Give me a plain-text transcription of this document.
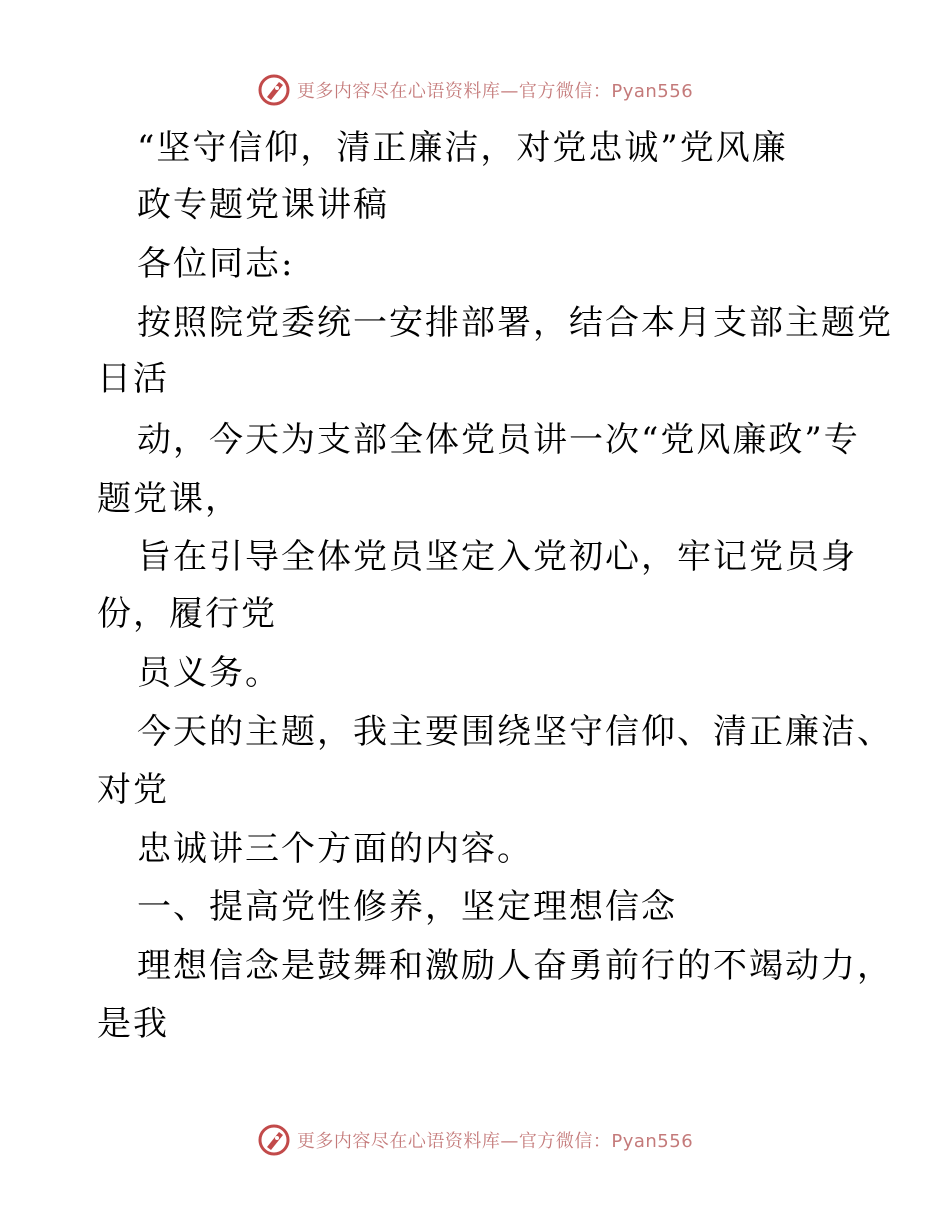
更多内容尽在心语资料库—官方微信：Pyan556
“坚守信仰，清正廉洁，对党忠诚”党风廉
政专题党课讲稿
各位同志:
按照院党委统一安排部署，结合本月支部主题党
日活
动，今天为支部全体党员讲一次“党风廉政”专
题党课，
旨在引导全体党员坚定入党初心，牢记党员身
份，履行党
员义务。
今天的主题，我主要围绕坚守信仰、清正廉洁、
对党
忠诚讲三个方面的内容。
一、提高党性修养，坚定理想信念
理想信念是鼓舞和激励人奋勇前行的不竭动力，
是我
更多内容尽在心语资料库—官方微信：Pyan556
